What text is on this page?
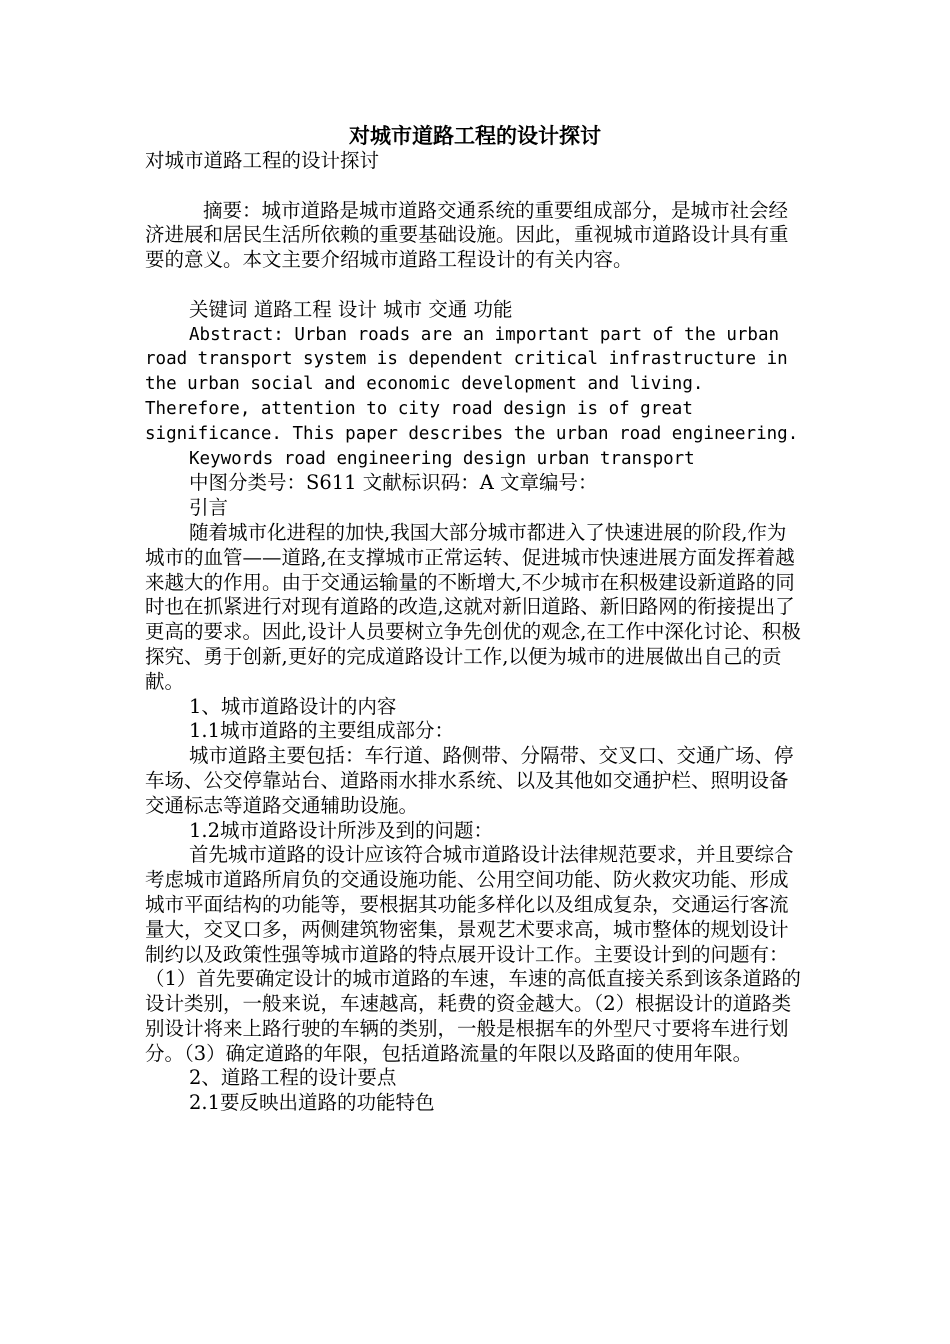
对城市道路工程的设计探讨

对城市道路工程的设计探讨

摘要：城市道路是城市道路交通系统的重要组成部分，是城市社会经济进展和居民生活所依赖的重要基础设施。因此，重视城市道路设计具有重要的意义。本文主要介绍城市道路工程设计的有关内容。

关键词 道路工程 设计 城市 交通 功能

Abstract: Urban roads are an important part of the urban road transport system is dependent critical infrastructure in the urban social and economic development and living. Therefore, attention to city road design is of great significance. This paper describes the urban road engineering.

Keywords road engineering design urban transport

中图分类号：S611 文献标识码：A 文章编号：

引言

随着城市化进程的加快,我国大部分城市都进入了快速进展的阶段,作为城市的血管——道路,在支撑城市正常运转、促进城市快速进展方面发挥着越来越大的作用。由于交通运输量的不断增大,不少城市在积极建设新道路的同时也在抓紧进行对现有道路的改造,这就对新旧道路、新旧路网的衔接提出了更高的要求。因此,设计人员要树立争先创优的观念,在工作中深化讨论、积极探究、勇于创新,更好的完成道路设计工作,以便为城市的进展做出自己的贡献。

1、城市道路设计的内容

1.1城市道路的主要组成部分：

城市道路主要包括：车行道、路侧带、分隔带、交叉口、交通广场、停车场、公交停靠站台、道路雨水排水系统、以及其他如交通护栏、照明设备交通标志等道路交通辅助设施。

1.2城市道路设计所涉及到的问题：

首先城市道路的设计应该符合城市道路设计法律规范要求，并且要综合考虑城市道路所肩负的交通设施功能、公用空间功能、防火救灾功能、形成城市平面结构的功能等，要根据其功能多样化以及组成复杂，交通运行客流量大，交叉口多，两侧建筑物密集，景观艺术要求高，城市整体的规划设计制约以及政策性强等城市道路的特点展开设计工作。主要设计到的问题有：（1）首先要确定设计的城市道路的车速，车速的高低直接关系到该条道路的设计类别，一般来说，车速越高，耗费的资金越大。（2）根据设计的道路类别设计将来上路行驶的车辆的类别，一般是根据车的外型尺寸要将车进行划分。（3）确定道路的年限，包括道路流量的年限以及路面的使用年限。

2、道路工程的设计要点

2.1要反映出道路的功能特色
